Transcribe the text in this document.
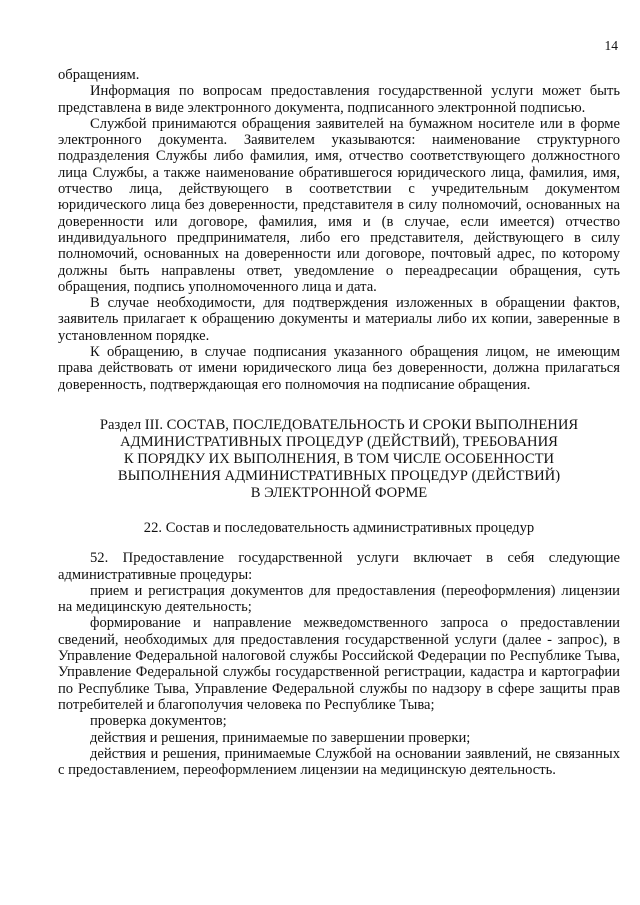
14

обращениям.

Информация по вопросам предоставления государственной услуги может быть представлена в виде электронного документа, подписанного электронной подписью.

Службой принимаются обращения заявителей на бумажном носителе или в форме электронного документа. Заявителем указываются: наименование структурного подразделения Службы либо фамилия, имя, отчество соответствующего должностного лица Службы, а также наименование обратившегося юридического лица, фамилия, имя, отчество лица, действующего в соответствии с учредительным документом юридического лица без доверенности, представителя в силу полномочий, основанных на доверенности или договоре, фамилия, имя и (в случае, если имеется) отчество индивидуального предпринимателя, либо его представителя, действующего в силу полномочий, основанных на доверенности или договоре, почтовый адрес, по которому должны быть направлены ответ, уведомление о переадресации обращения, суть обращения, подпись уполномоченного лица и дата.

В случае необходимости, для подтверждения изложенных в обращении фактов, заявитель прилагает к обращению документы и материалы либо их копии, заверенные в установленном порядке.

К обращению, в случае подписания указанного обращения лицом, не имеющим права действовать от имени юридического лица без доверенности, должна прилагаться доверенность, подтверждающая его полномочия на подписание обращения.

Раздел III. СОСТАВ, ПОСЛЕДОВАТЕЛЬНОСТЬ И СРОКИ ВЫПОЛНЕНИЯ
АДМИНИСТРАТИВНЫХ ПРОЦЕДУР (ДЕЙСТВИЙ), ТРЕБОВАНИЯ
К ПОРЯДКУ ИХ ВЫПОЛНЕНИЯ, В ТОМ ЧИСЛЕ ОСОБЕННОСТИ
ВЫПОЛНЕНИЯ АДМИНИСТРАТИВНЫХ ПРОЦЕДУР (ДЕЙСТВИЙ)
В ЭЛЕКТРОННОЙ ФОРМЕ
22. Состав и последовательность административных процедур

52. Предоставление государственной услуги включает в себя следующие административные процедуры:

прием и регистрация документов для предоставления (переоформления) лицензии на медицинскую деятельность;

формирование и направление межведомственного запроса о предоставлении сведений, необходимых для предоставления государственной услуги (далее - запрос), в Управление Федеральной налоговой службы Российской Федерации по Республике Тыва, Управление Федеральной службы государственной регистрации, кадастра и картографии по Республике Тыва, Управление Федеральной службы по надзору в сфере защиты прав потребителей и благополучия человека по Республике Тыва;

проверка документов;

действия и решения, принимаемые по завершении проверки;

действия и решения, принимаемые Службой на основании заявлений, не связанных с предоставлением, переоформлением лицензии на медицинскую деятельность.
